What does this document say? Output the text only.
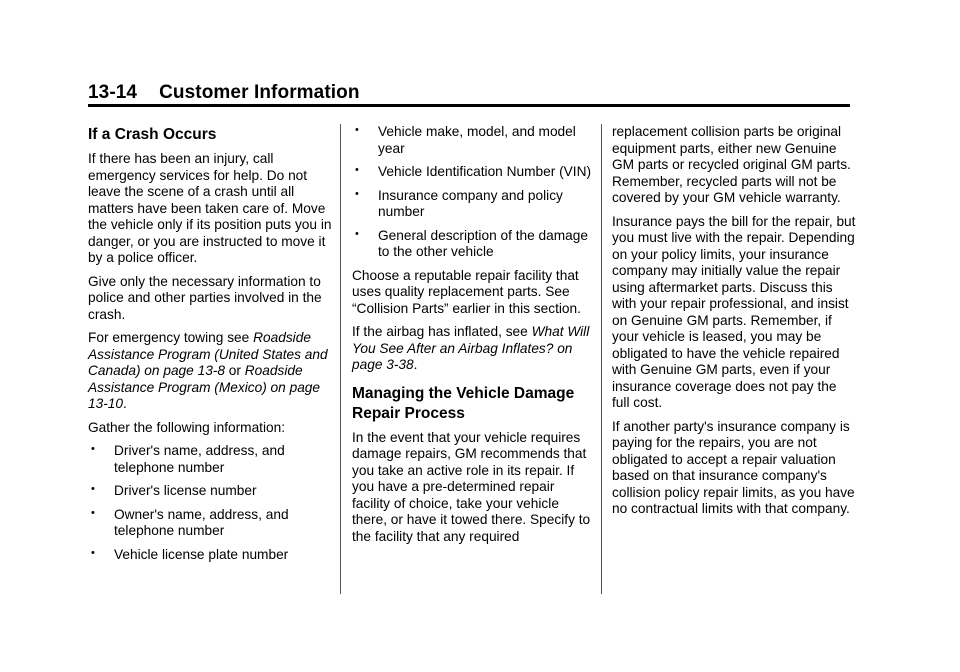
13-14 Customer Information
If a Crash Occurs

If there has been an injury, call emergency services for help. Do not leave the scene of a crash until all matters have been taken care of. Move the vehicle only if its position puts you in danger, or you are instructed to move it by a police officer.

Give only the necessary information to police and other parties involved in the crash.

For emergency towing see Roadside Assistance Program (United States and Canada) on page 13-8 or Roadside Assistance Program (Mexico) on page 13-10.

Gather the following information:

• Driver's name, address, and telephone number
• Driver's license number
• Owner's name, address, and telephone number
• Vehicle license plate number
• Vehicle make, model, and model year
• Vehicle Identification Number (VIN)
• Insurance company and policy number
• General description of the damage to the other vehicle

Choose a reputable repair facility that uses quality replacement parts. See “Collision Parts” earlier in this section.

If the airbag has inflated, see What Will You See After an Airbag Inflates? on page 3-38.

Managing the Vehicle Damage Repair Process

In the event that your vehicle requires damage repairs, GM recommends that you take an active role in its repair. If you have a pre-determined repair facility of choice, take your vehicle there, or have it towed there. Specify to the facility that any required

replacement collision parts be original equipment parts, either new Genuine GM parts or recycled original GM parts. Remember, recycled parts will not be covered by your GM vehicle warranty.

Insurance pays the bill for the repair, but you must live with the repair. Depending on your policy limits, your insurance company may initially value the repair using aftermarket parts. Discuss this with your repair professional, and insist on Genuine GM parts. Remember, if your vehicle is leased, you may be obligated to have the vehicle repaired with Genuine GM parts, even if your insurance coverage does not pay the full cost.

If another party's insurance company is paying for the repairs, you are not obligated to accept a repair valuation based on that insurance company's collision policy repair limits, as you have no contractual limits with that company.
